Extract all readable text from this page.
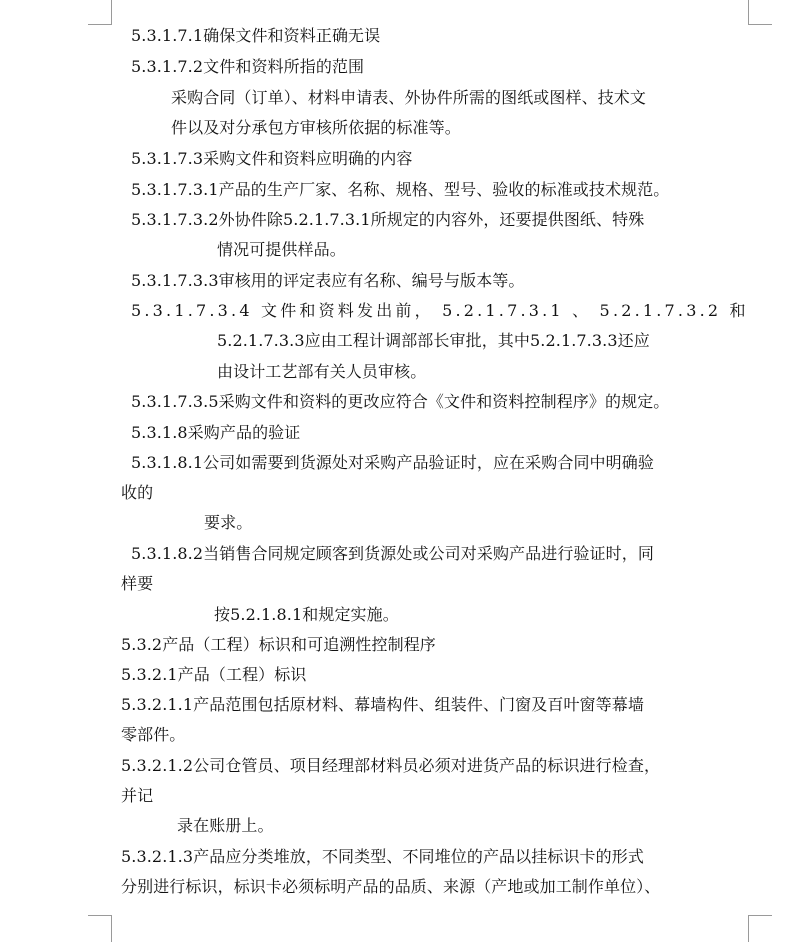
5.3.1.7.1确保文件和资料正确无误
5.3.1.7.2文件和资料所指的范围
采购合同（订单）、材料申请表、外协件所需的图纸或图样、技术文
件以及对分承包方审核所依据的标准等。
5.3.1.7.3采购文件和资料应明确的内容
5.3.1.7.3.1产品的生产厂家、名称、规格、型号、验收的标准或技术规范。
5.3.1.7.3.2外协件除5.2.1.7.3.1所规定的内容外，还要提供图纸、特殊
情况可提供样品。
5.3.1.7.3.3审核用的评定表应有名称、编号与版本等。
5.3.1.7.3.4 文件和资料发出前， 5.2.1.7.3.1 、 5.2.1.7.3.2 和
5.2.1.7.3.3应由工程计调部部长审批，其中5.2.1.7.3.3还应
由设计工艺部有关人员审核。
5.3.1.7.3.5采购文件和资料的更改应符合《文件和资料控制程序》的规定。
5.3.1.8采购产品的验证
5.3.1.8.1公司如需要到货源处对采购产品验证时，应在采购合同中明确验
收的
要求。
5.3.1.8.2当销售合同规定顾客到货源处或公司对采购产品进行验证时，同
样要
按5.2.1.8.1和规定实施。
5.3.2产品（工程）标识和可追溯性控制程序
5.3.2.1产品（工程）标识
5.3.2.1.1产品范围包括原材料、幕墙构件、组装件、门窗及百叶窗等幕墙
零部件。
5.3.2.1.2公司仓管员、项目经理部材料员必须对进货产品的标识进行检查，
并记
录在账册上。
5.3.2.1.3产品应分类堆放，不同类型、不同堆位的产品以挂标识卡的形式
分别进行标识，标识卡必须标明产品的品质、来源（产地或加工制作单位）、
